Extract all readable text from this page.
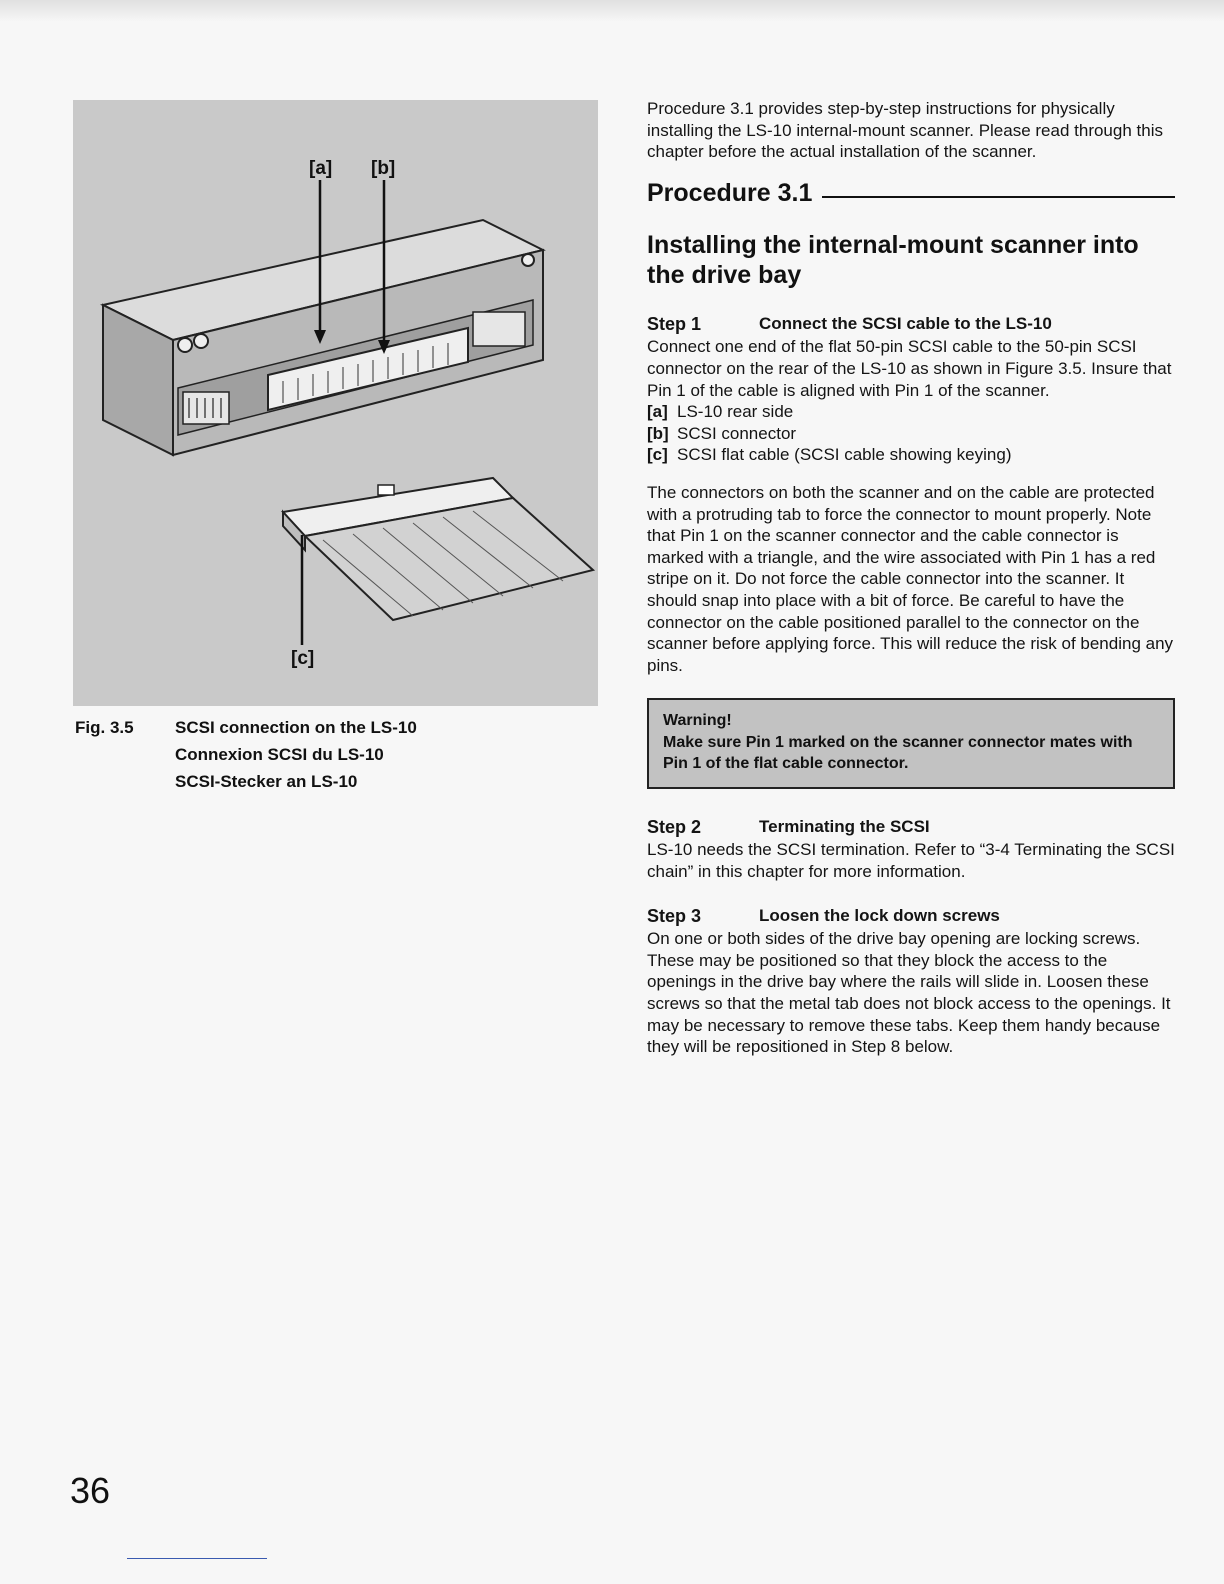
[a] [b]
[c]
Fig. 3.5	SCSI connection on the LS-10
Connexion SCSI du LS-10
SCSI-Stecker an LS-10

Procedure 3.1 provides step-by-step instructions for physically installing the LS-10 internal-mount scanner. Please read through this chapter before the actual installation of the scanner.

Procedure 3.1
Installing the internal-mount scanner into the drive bay
Step 1	Connect the SCSI cable to the LS-10

Connect one end of the flat 50-pin SCSI cable to the 50-pin SCSI connector on the rear of the LS-10 as shown in Figure 3.5. Insure that Pin 1 of the cable is aligned with Pin 1 of the scanner.

[a] LS-10 rear side
[b] SCSI connector
[c] SCSI flat cable (SCSI cable showing keying)

The connectors on both the scanner and on the cable are protected with a protruding tab to force the connector to mount properly. Note that Pin 1 on the scanner connector and the cable connector is marked with a triangle, and the wire associated with Pin 1 has a red stripe on it. Do not force the cable connector into the scanner. It should snap into place with a bit of force. Be careful to have the connector on the cable positioned parallel to the connector on the scanner before applying force. This will reduce the risk of bending any pins.

Warning!
Make sure Pin 1 marked on the scanner connector mates with Pin 1 of the flat cable connector.
Step 2	Terminating the SCSI

LS-10 needs the SCSI termination. Refer to “3-4 Terminating the SCSI chain” in this chapter for more information.

Step 3	Loosen the lock down screws

On one or both sides of the drive bay opening are locking screws. These may be positioned so that they block the access to the openings in the drive bay where the rails will slide in. Loosen these screws so that the metal tab does not block access to the openings. It may be necessary to remove these tabs. Keep them handy because they will be repositioned in Step 8 below.

36
